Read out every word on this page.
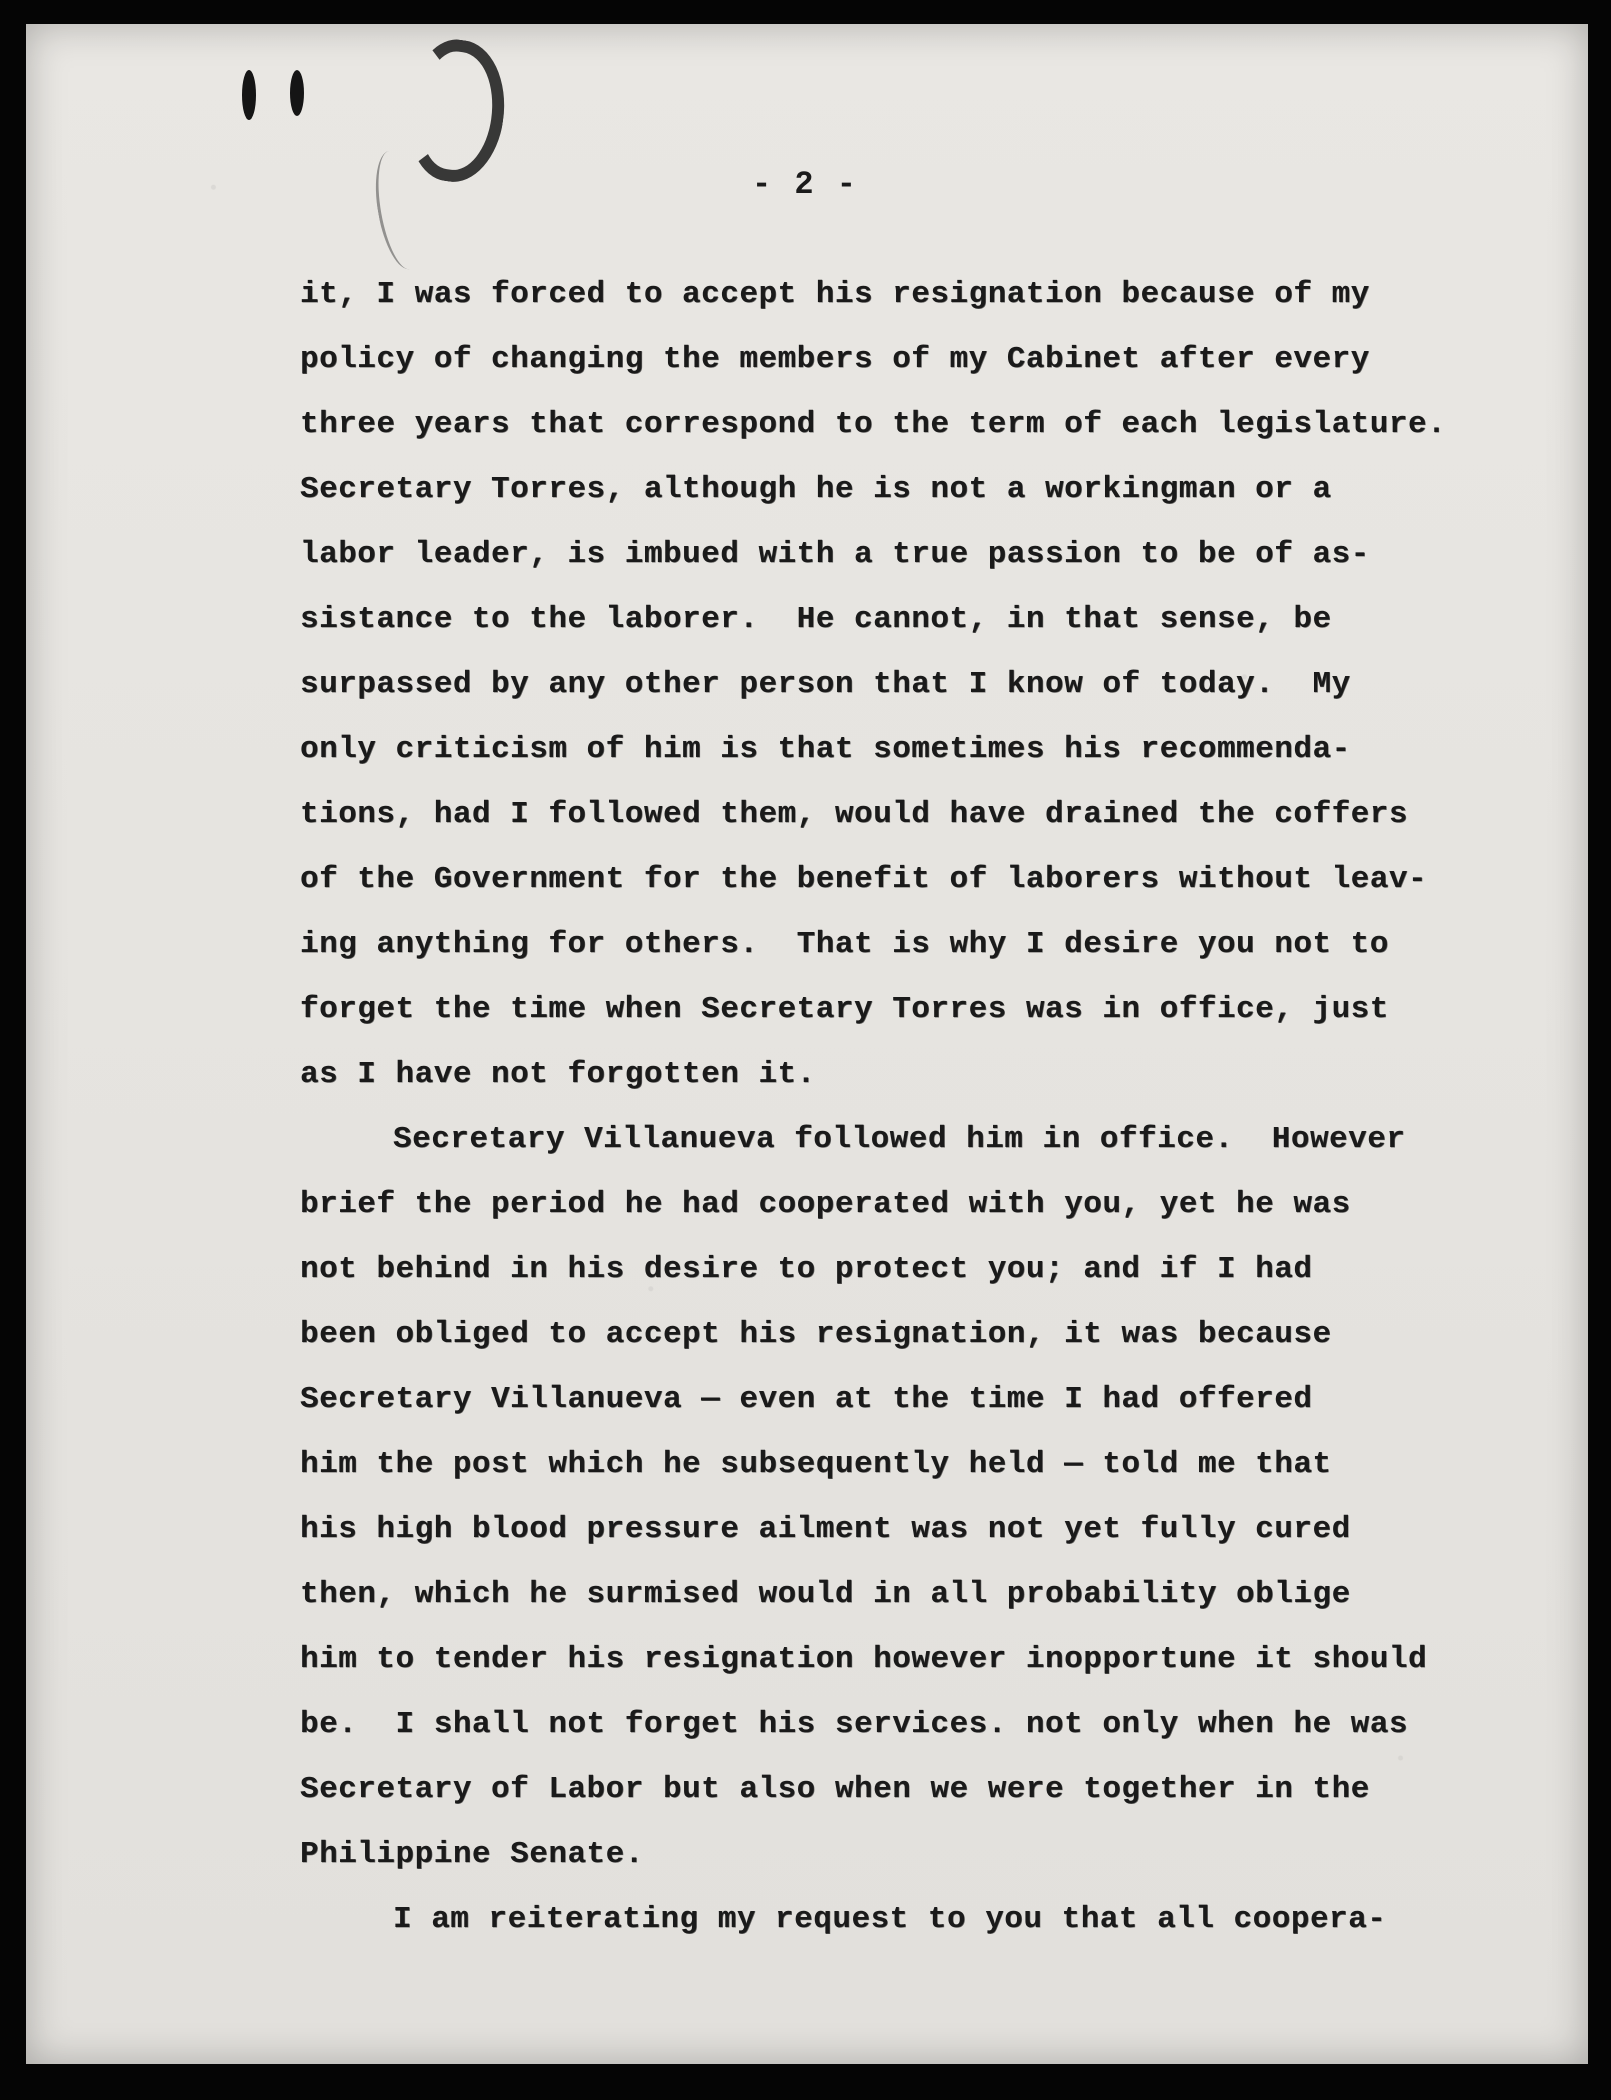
- 2 -
it, I was forced to accept his resignation because of my
policy of changing the members of my Cabinet after every
three years that correspond to the term of each legislature.
Secretary Torres, although he is not a workingman or a
labor leader, is imbued with a true passion to be of as-
sistance to the laborer.  He cannot, in that sense, be
surpassed by any other person that I know of today.  My
only criticism of him is that sometimes his recommenda-
tions, had I followed them, would have drained the coffers
of the Government for the benefit of laborers without leav-
ing anything for others.  That is why I desire you not to
forget the time when Secretary Torres was in office, just
as I have not forgotten it.
Secretary Villanueva followed him in office.  However
brief the period he had cooperated with you, yet he was
not behind in his desire to protect you; and if I had
been obliged to accept his resignation, it was because
Secretary Villanueva — even at the time I had offered
him the post which he subsequently held — told me that
his high blood pressure ailment was not yet fully cured
then, which he surmised would in all probability oblige
him to tender his resignation however inopportune it should
be.  I shall not forget his services. not only when he was
Secretary of Labor but also when we were together in the
Philippine Senate.
I am reiterating my request to you that all coopera-
